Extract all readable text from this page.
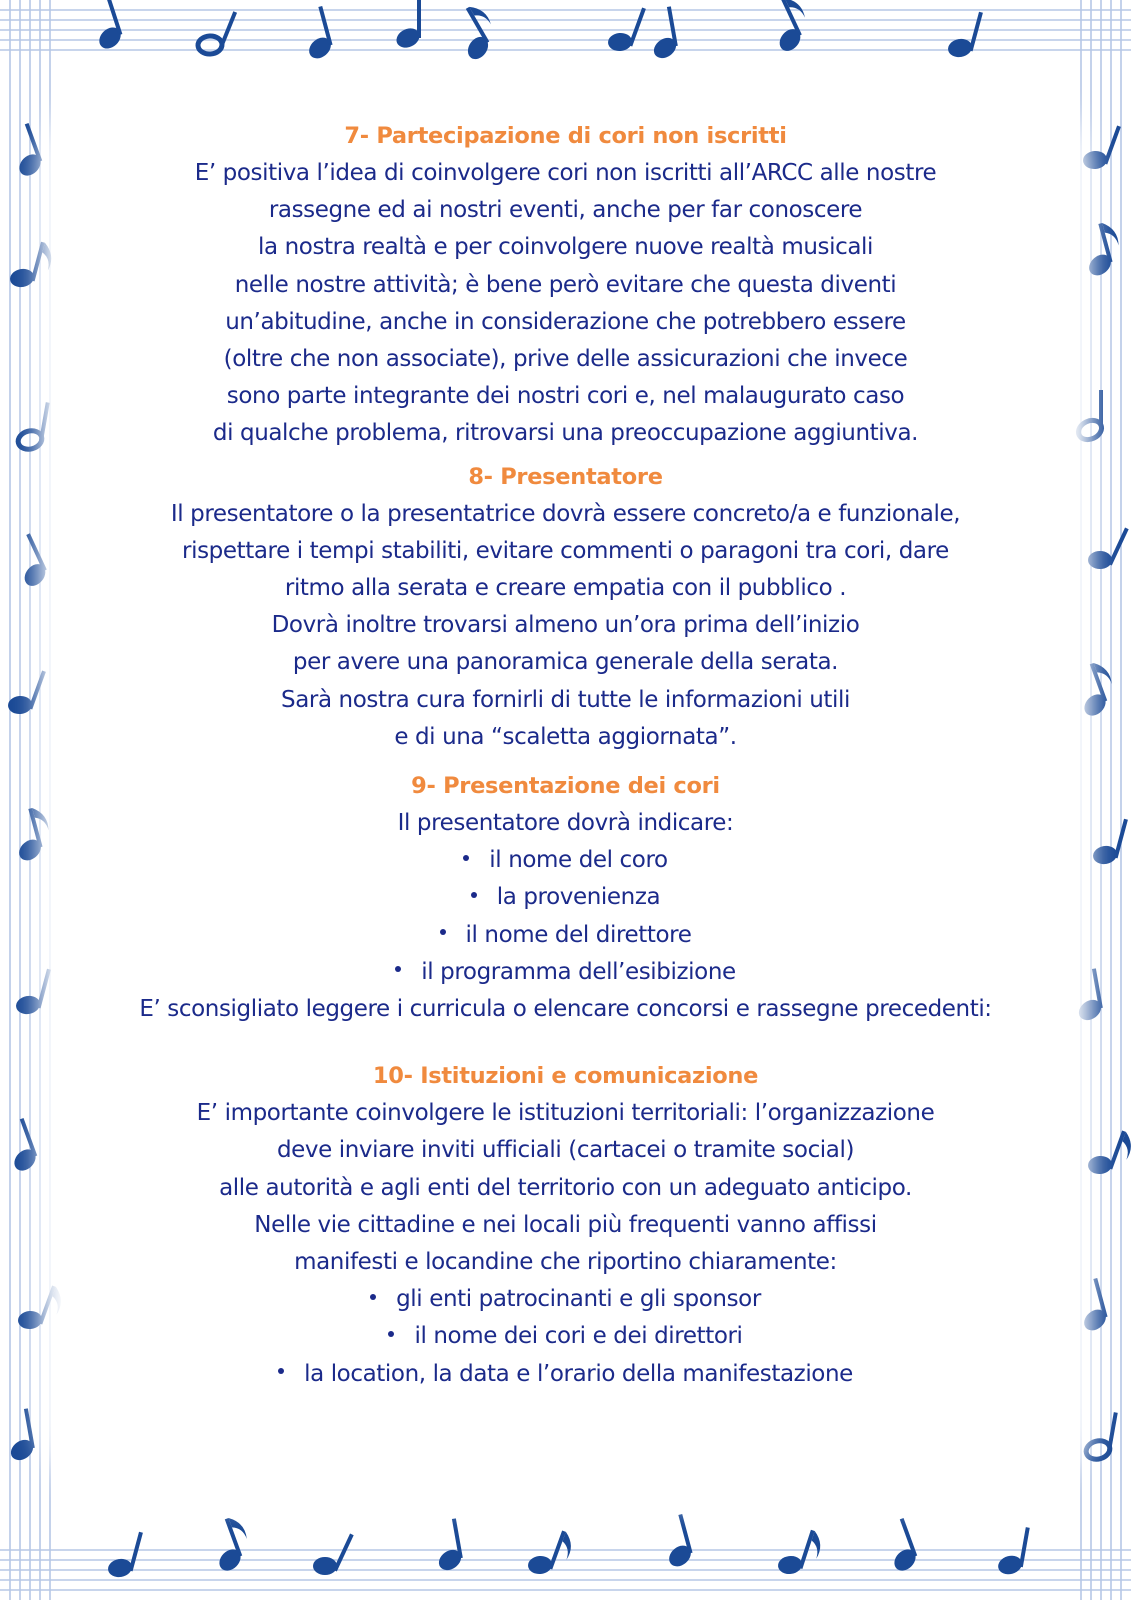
7- Partecipazione di cori non iscritti
E’ positiva l’idea di coinvolgere cori non iscritti all’ARCC alle nostre
rassegne ed ai nostri eventi, anche per far conoscere
la nostra realtà e per coinvolgere nuove realtà musicali
nelle nostre attività; è bene però evitare che questa diventi
un’abitudine, anche in considerazione che potrebbero essere
(oltre che non associate), prive delle assicurazioni che invece
sono parte integrante dei nostri cori e, nel malaugurato caso
di qualche problema, ritrovarsi una preoccupazione aggiuntiva.
8- Presentatore
Il presentatore o la presentatrice dovrà essere concreto/a e funzionale,
rispettare i tempi stabiliti, evitare commenti o paragoni tra cori, dare
ritmo alla serata e creare empatia con il pubblico .
Dovrà inoltre trovarsi almeno un’ora prima dell’inizio
per avere una panoramica generale della serata.
Sarà nostra cura fornirli di tutte le informazioni utili
e di una “scaletta aggiornata”.
9- Presentazione dei cori
Il presentatore dovrà indicare:
il nome del coro
la provenienza
il nome del direttore
il programma dell’esibizione
E’ sconsigliato leggere i curricula o elencare concorsi e rassegne precedenti:
10- Istituzioni e comunicazione
E’ importante coinvolgere le istituzioni territoriali: l’organizzazione
deve inviare inviti ufficiali (cartacei o tramite social)
alle autorità e agli enti del territorio con un adeguato anticipo.
Nelle vie cittadine e nei locali più frequenti vanno affissi
manifesti e locandine che riportino chiaramente:
gli enti patrocinanti e gli sponsor
il nome dei cori e dei direttori
la location, la data e l’orario della manifestazione
